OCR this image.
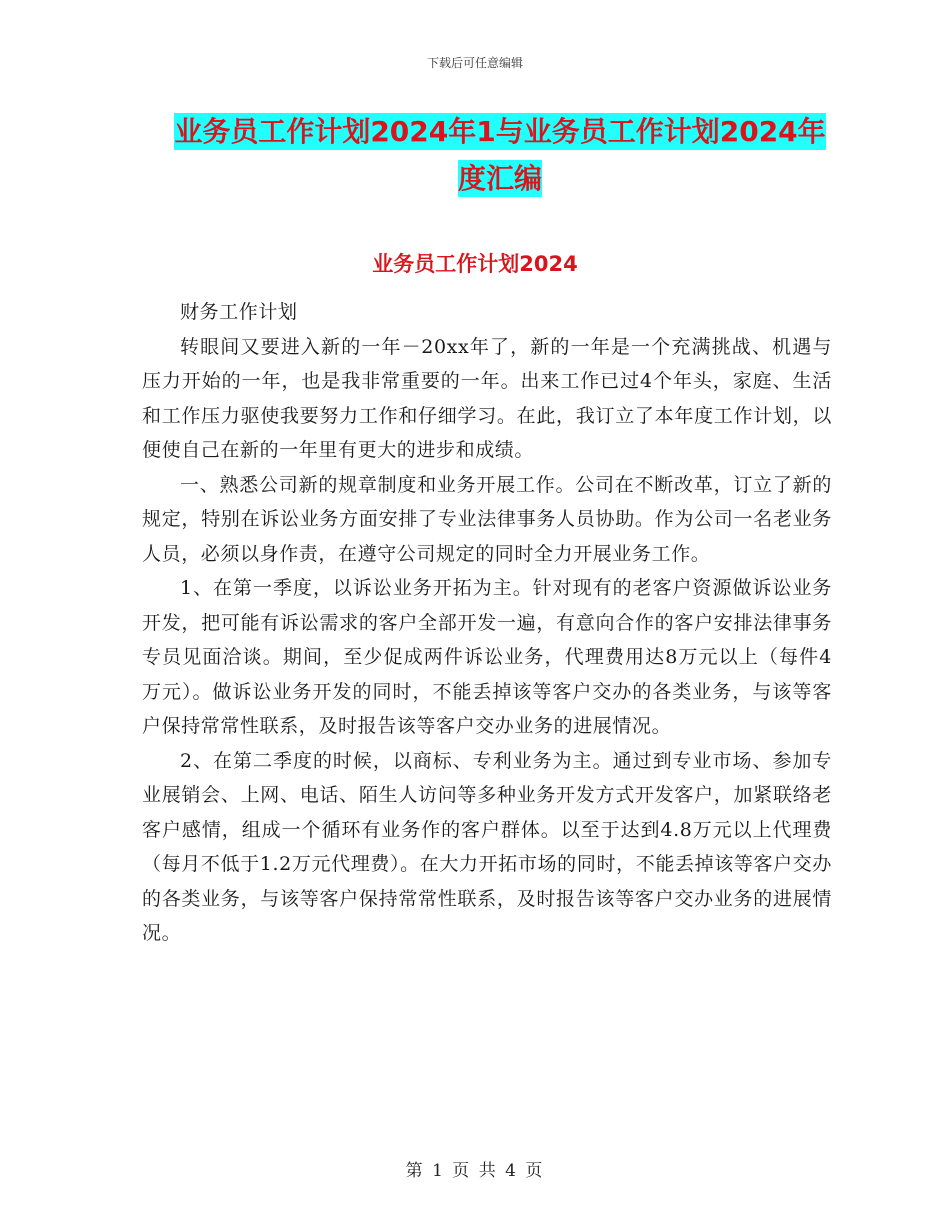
下载后可任意编辑
业务员工作计划2024年1与业务员工作计划2024年
度汇编
业务员工作计划2024

财务工作计划

转眼间又要进入新的一年－20xx年了，新的一年是一个充满挑战、机遇与压力开始的一年，也是我非常重要的一年。出来工作已过4个年头，家庭、生活和工作压力驱使我要努力工作和仔细学习。在此，我订立了本年度工作计划，以便使自己在新的一年里有更大的进步和成绩。

一、熟悉公司新的规章制度和业务开展工作。公司在不断改革，订立了新的规定，特别在诉讼业务方面安排了专业法律事务人员协助。作为公司一名老业务人员，必须以身作责，在遵守公司规定的同时全力开展业务工作。

1、在第一季度，以诉讼业务开拓为主。针对现有的老客户资源做诉讼业务开发，把可能有诉讼需求的客户全部开发一遍，有意向合作的客户安排法律事务专员见面洽谈。期间，至少促成两件诉讼业务，代理费用达8万元以上（每件4万元）。做诉讼业务开发的同时，不能丢掉该等客户交办的各类业务，与该等客户保持常常性联系，及时报告该等客户交办业务的进展情况。

2、在第二季度的时候，以商标、专利业务为主。通过到专业市场、参加专业展销会、上网、电话、陌生人访问等多种业务开发方式开发客户，加紧联络老客户感情，组成一个循环有业务作的客户群体。以至于达到4.8万元以上代理费（每月不低于1.2万元代理费）。在大力开拓市场的同时，不能丢掉该等客户交办的各类业务，与该等客户保持常常性联系，及时报告该等客户交办业务的进展情况。

第 1 页 共 4 页
